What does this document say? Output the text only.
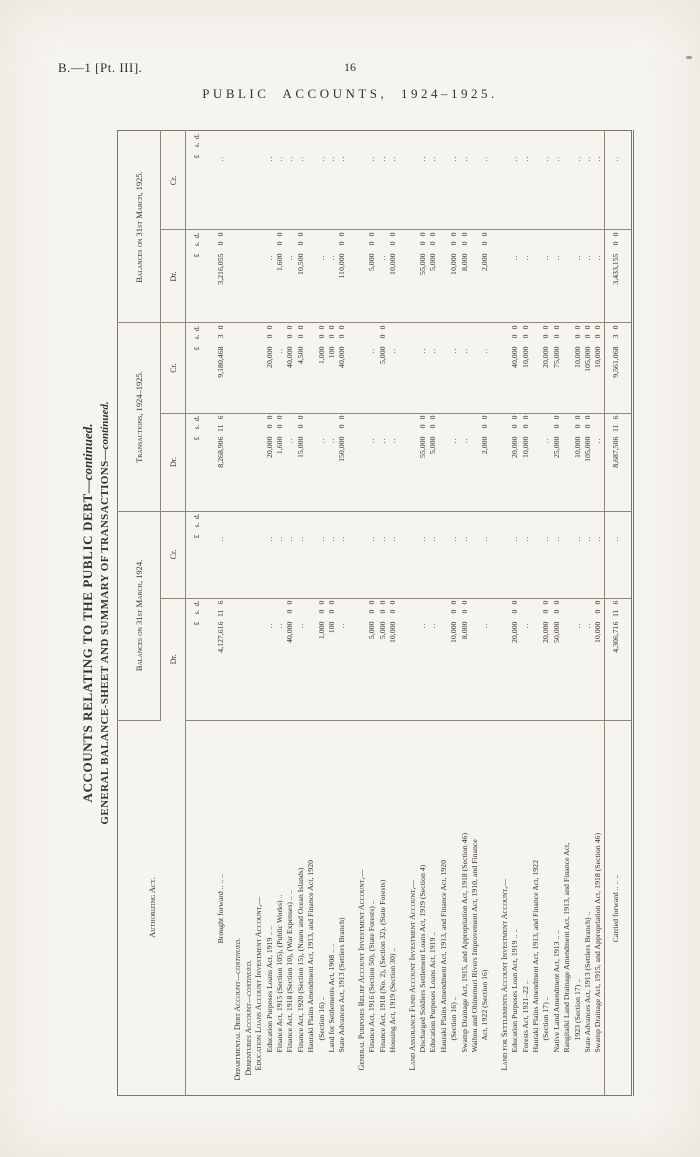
B.—1 [Pt. III].	16
PUBLIC ACCOUNTS, 1924–1925.
ACCOUNTS RELATING TO THE PUBLIC DEBT—continued.
GENERAL BALANCE-SHEET AND SUMMARY OF TRANSACTIONS—continued.
Authorizing Act.	Balances on 31st March, 1924.		Transactions, 1924–1925.		Balances on 31st March, 1925.	
	Dr.	Cr.	Dr.	Cr.	Dr.	Cr.
	£s.d.	£s.d.	£s.d.	£s.d.	£s.d.	£s.d.
Brought forward .. .. ..	4,127,616116	..	8,268,906116	9,180,46830	3,216,05500	..
Departmental Debt Account—continued.						
Debentures Account—continued.						
Education Loans Account Investment Account,—						
Education Purposes Loans Act, 1919 .. ..	..	..	20,00000	20,00000	..	..
Finance Act, 1915 (Section 105), (Public Works) ..	..	..	1,60000	..	1,60000	..
Finance Act, 1918 (Section 10), (War Expenses) .. ..	40,00000	..	..	40,00000	..	..
Finance Act, 1920 (Section 15), (Nauru and Ocean Islands)	..	..	15,00000	4,50000	10,50000	..
Hauraki Plains Amendment Act, 1913, and Finance Act, 1920
(Section 16) ..	1,00000	..	..	1,00000	..	..
Land for Settlements Act, 1908 .. ..	10000	..	..	10000	..	..
State Advances Act, 1913 (Settlers Branch)	..	..	150,00000	40,00000	110,00000	..
General Purposes Relief Account Investment Account,—						
Finance Act, 1916 (Section 50), (State Forests) ..	5,00000	..	..	..	5,00000	..
Finance Act, 1918 (No. 2), (Section 32), (State Forests)	5,00000	..	..	5,00000	..	..
Housing Act, 1919 (Section 30) ..	10,00000	..	..	..	10,00000	..
Land Assurance Fund Account Investment Account,—						
Discharged Soldiers Settlement Loans Act, 1919 (Section 4)	..	..	55,00000	..	55,00000	..
Education Purposes Loans Act, 1919 ..	..	..	5,00000	..	5,00000	..
Hauraki Plains Amendment Act, 1913, and Finance Act, 1920
(Section 16) ..	10,00000	..	..	..	10,00000	..
Swamp Drainage Act, 1915, and Appropriation Act, 1918 (Section 46)	8,00000	..	..	..	8,00000	..
Waihou and Ohinemuri Rivers Improvement Act, 1910, and Finance
Act, 1922 (Section 16)	..	..	2,00000	..	2,00000	..
Land for Settlements Account Investment Account,—						
Education Purposes Loan Act, 1919 .. ..	20,00000	..	20,00000	40,00000	..	..
Forests Act, 1921–22 ..	..	..	10,00000	10,00000	..	..
Hauraki Plains Amendment Act, 1913, and Finance Act, 1922
(Section 17) ..	20,00000	..	..	20,00000	..	..
Native Land Amendment Act, 1913 .. ..	50,00000	..	25,00000	75,00000	..	..
Rangitaiki Land Drainage Amendment Act, 1913, and Finance Act,
1923 (Section 17) ..	..	..	10,00000	10,00000	..	..
State Advances Act, 1913 (Settlers Branch) ..	..	..	105,00000	105,00000	..	..
Swamp Drainage Act, 1915, and Appropriation Act, 1918 (Section 46)	10,00000	..	..	10,00000	..	..
Carried forward .. .. ..	4,306,716116	..	8,687,506116	9,561,06830	3,433,15500	..
